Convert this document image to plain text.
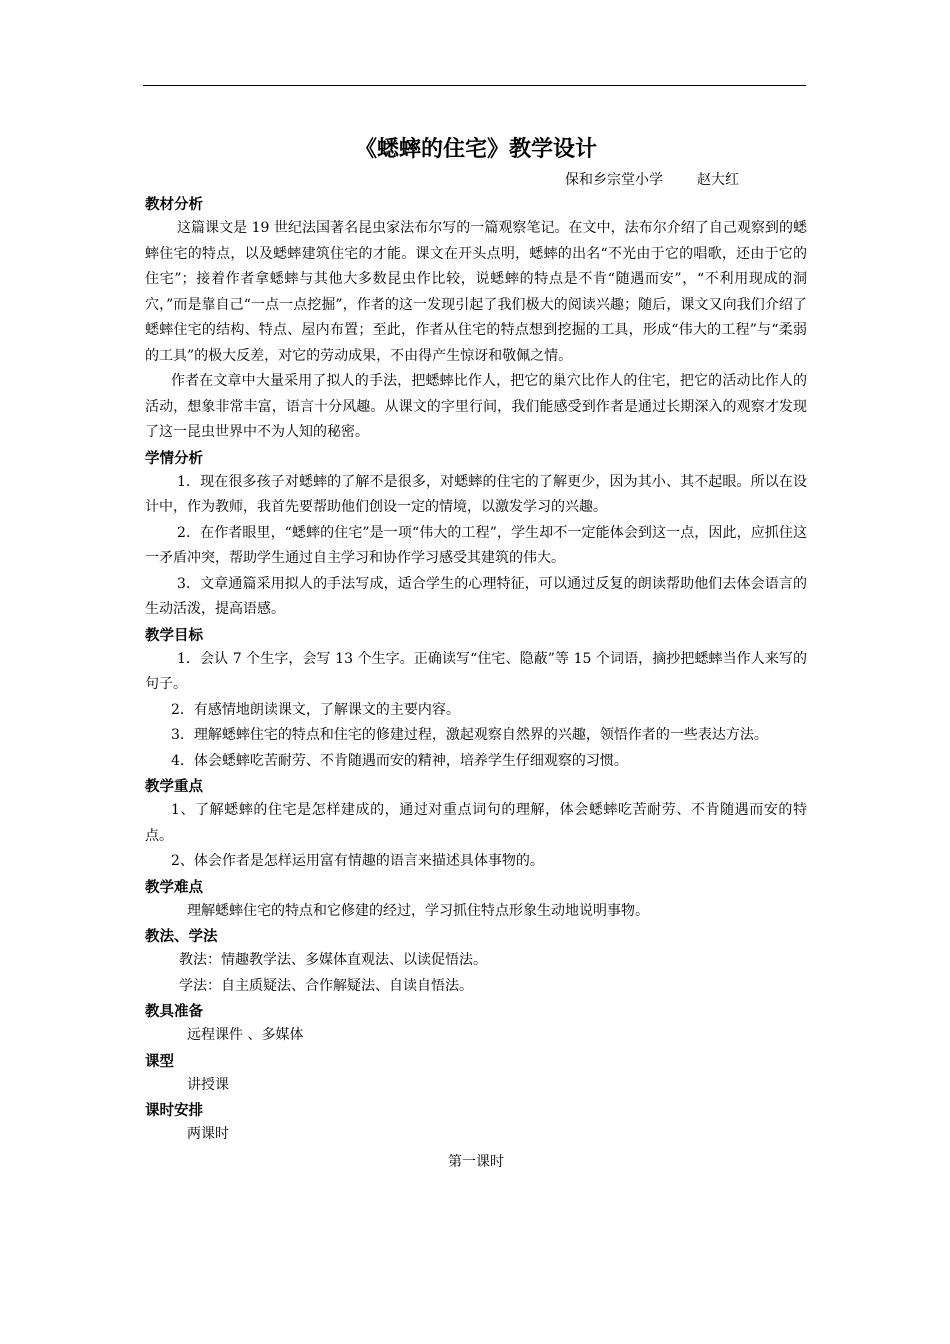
《蟋蟀的住宅》教学设计
保和乡宗堂小学 赵大红
教材分析
这篇课文是 19 世纪法国著名昆虫家法布尔写的一篇观察笔记。在文中，法布尔介绍了自己观察到的蟋蟀住宅的特点，以及蟋蟀建筑住宅的才能。课文在开头点明，蟋蟀的出名“不光由于它的唱歌，还由于它的住宅”；接着作者拿蟋蟀与其他大多数昆虫作比较，说蟋蟀的特点是不肯“随遇而安”，“不利用现成的洞穴，”而是靠自己“一点一点挖掘”，作者的这一发现引起了我们极大的阅读兴趣；随后，课文又向我们介绍了蟋蟀住宅的结构、特点、屋内布置；至此，作者从住宅的特点想到挖掘的工具，形成“伟大的工程”与“柔弱的工具”的极大反差，对它的劳动成果，不由得产生惊讶和敬佩之情。
作者在文章中大量采用了拟人的手法，把蟋蟀比作人，把它的巢穴比作人的住宅，把它的活动比作人的活动，想象非常丰富，语言十分风趣。从课文的字里行间，我们能感受到作者是通过长期深入的观察才发现了这一昆虫世界中不为人知的秘密。
学情分析
1．现在很多孩子对蟋蟀的了解不是很多，对蟋蟀的住宅的了解更少，因为其小、其不起眼。所以在设计中，作为教师，我首先要帮助他们创设一定的情境，以激发学习的兴趣。
2．在作者眼里，“蟋蟀的住宅”是一项“伟大的工程”，学生却不一定能体会到这一点，因此，应抓住这一矛盾冲突，帮助学生通过自主学习和协作学习感受其建筑的伟大。
3．文章通篇采用拟人的手法写成，适合学生的心理特征，可以通过反复的朗读帮助他们去体会语言的生动活泼，提高语感。
教学目标
1．会认 7 个生字，会写 13 个生字。正确读写“住宅、隐蔽”等 15 个词语，摘抄把蟋蟀当作人来写的句子。
2．有感情地朗读课文，了解课文的主要内容。
3．理解蟋蟀住宅的特点和住宅的修建过程，激起观察自然界的兴趣，领悟作者的一些表达方法。
4．体会蟋蟀吃苦耐劳、不肯随遇而安的精神，培养学生仔细观察的习惯。
教学重点
1、了解蟋蟀的住宅是怎样建成的，通过对重点词句的理解，体会蟋蟀吃苦耐劳、不肯随遇而安的特点。
2、体会作者是怎样运用富有情趣的语言来描述具体事物的。
教学难点
理解蟋蟀住宅的特点和它修建的经过，学习抓住特点形象生动地说明事物。
教法、学法
教法：情趣教学法、多媒体直观法、以读促悟法。
学法：自主质疑法、合作解疑法、自读自悟法。
教具准备
远程课件 、多媒体
课型
讲授课
课时安排
两课时
第一课时
